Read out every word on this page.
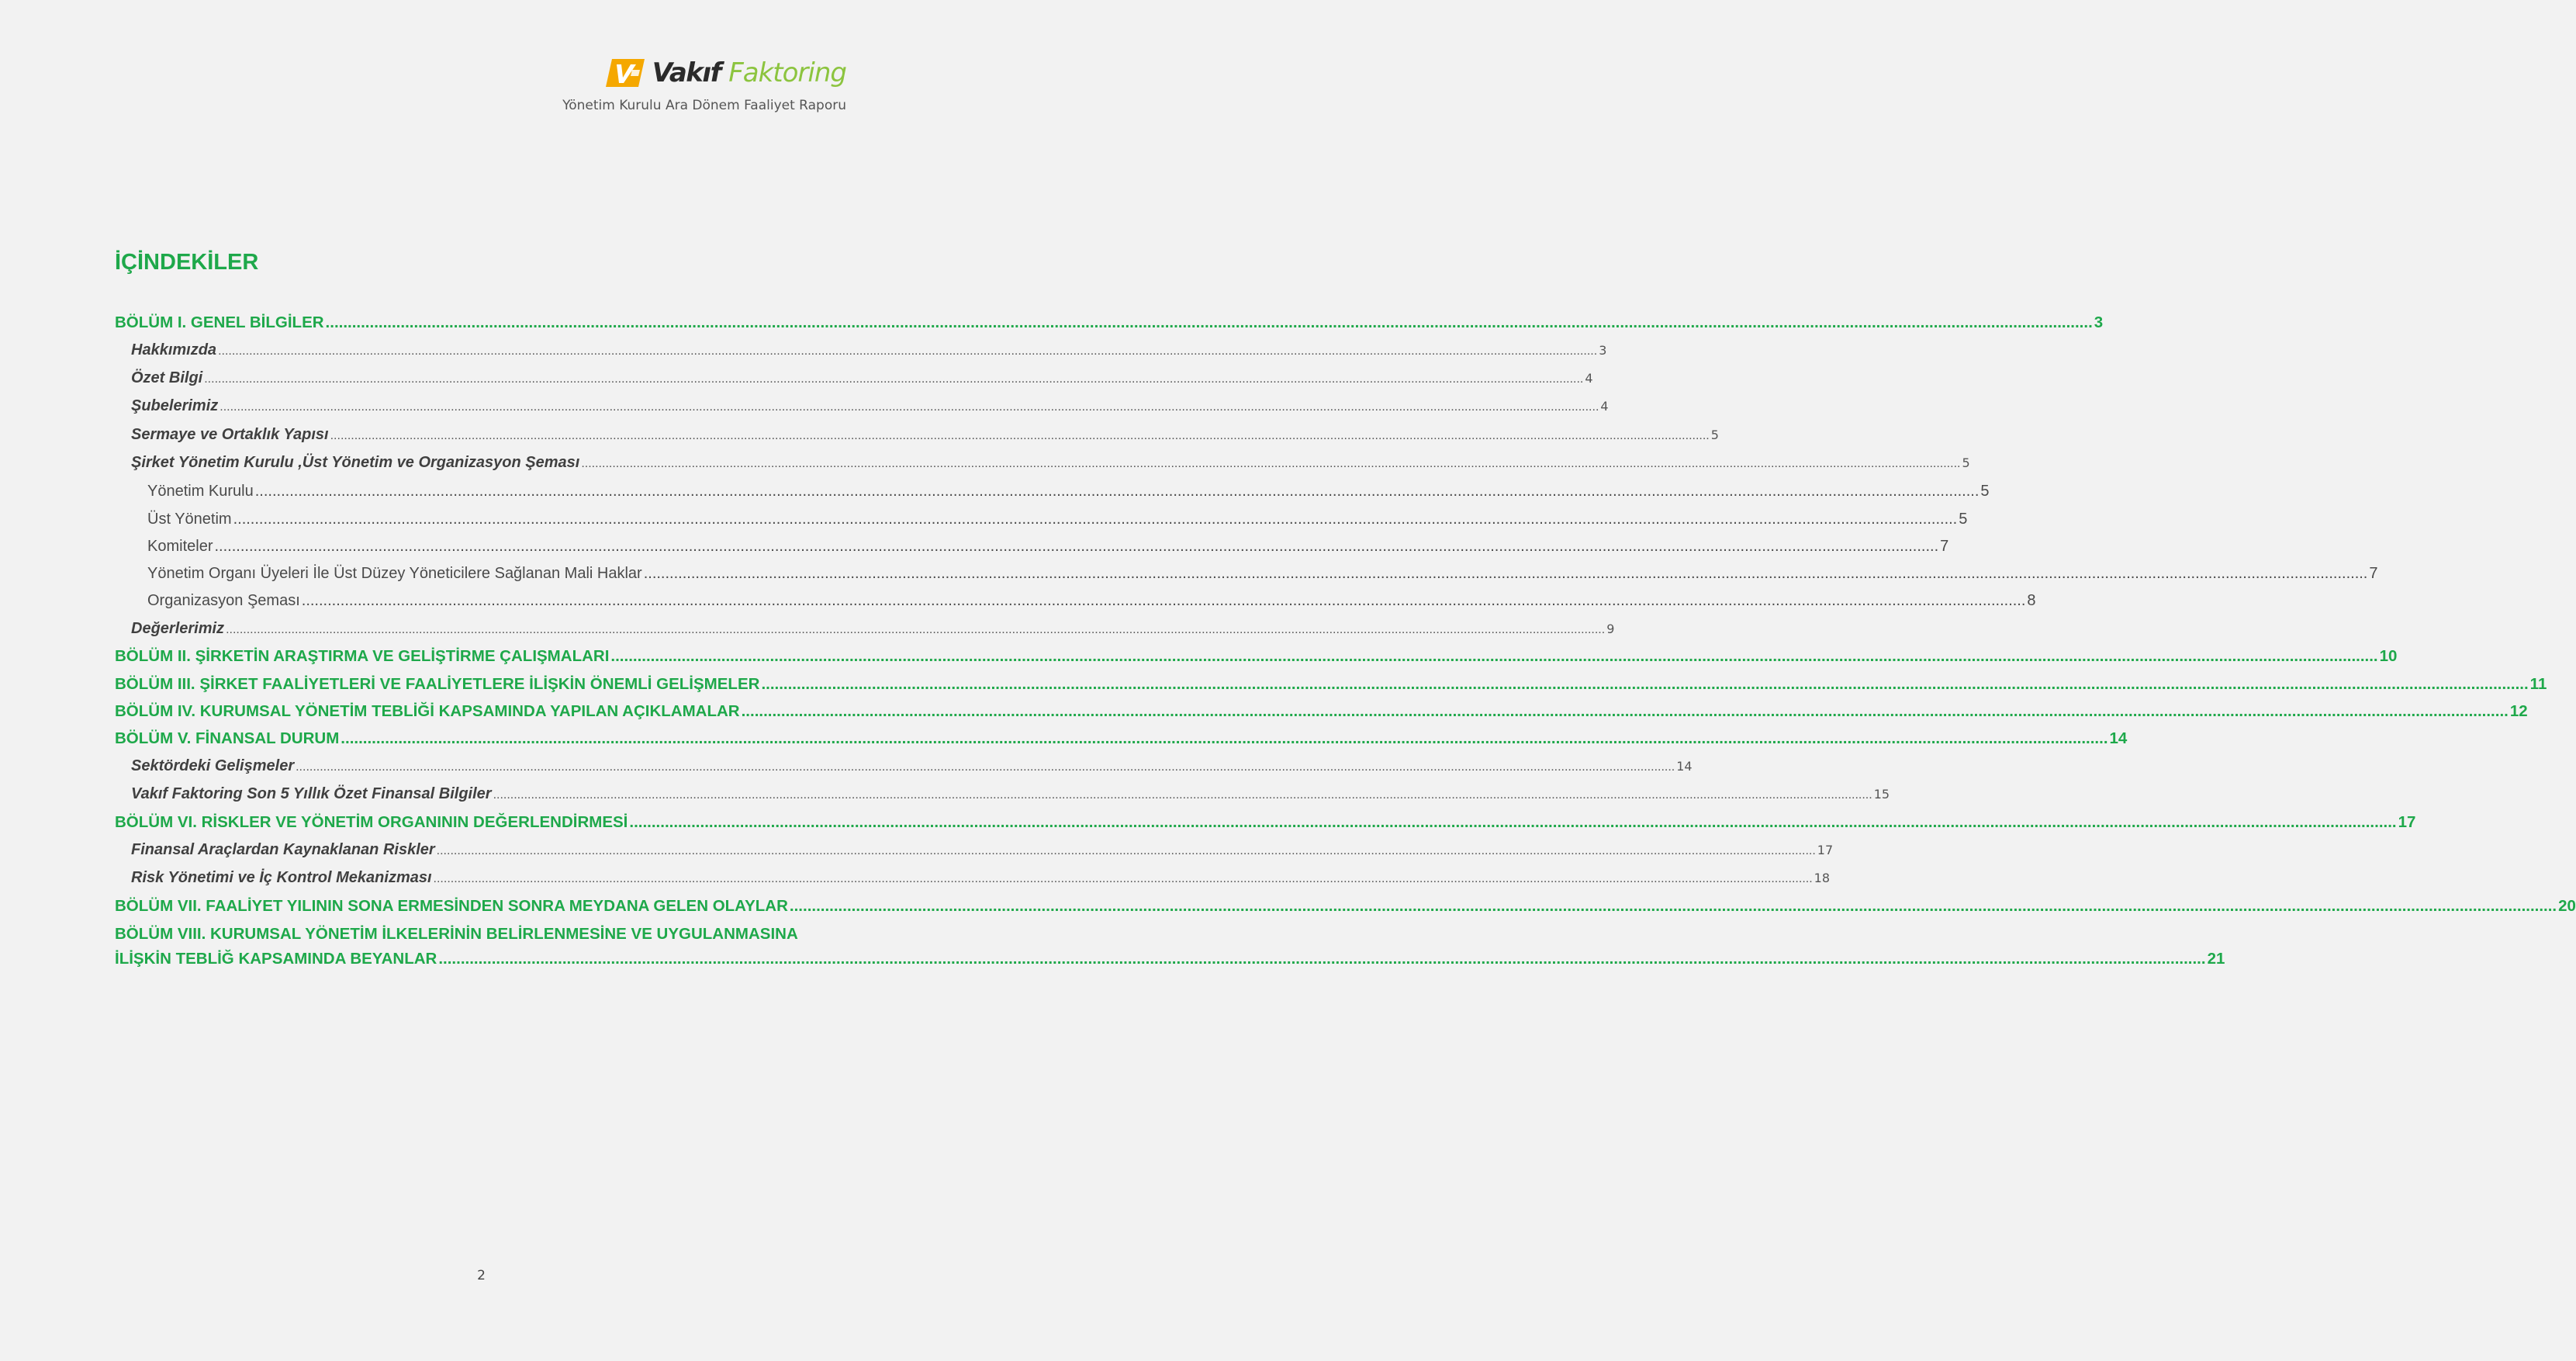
Vakıf Faktoring
Yönetim Kurulu Ara Dönem Faaliyet Raporu
İÇİNDEKİLER
BÖLÜM I. GENEL BİLGİLER ................................................................................................................................................................................................................................................................................................................................................................................................................ 3
Hakkımızda ................................................................................................................................................................................................................................................................................................................................................................................................................ 3
Özet Bilgi ................................................................................................................................................................................................................................................................................................................................................................................................................ 4
Şubelerimiz ................................................................................................................................................................................................................................................................................................................................................................................................................ 4
Sermaye ve Ortaklık Yapısı ................................................................................................................................................................................................................................................................................................................................................................................................................ 5
Şirket Yönetim Kurulu ,Üst Yönetim ve Organizasyon Şeması ................................................................................................................................................................................................................................................................................................................................................................................................................ 5
Yönetim Kurulu ................................................................................................................................................................................................................................................................................................................................................................................................................ 5
Üst Yönetim ................................................................................................................................................................................................................................................................................................................................................................................................................ 5
Komiteler ................................................................................................................................................................................................................................................................................................................................................................................................................ 7
Yönetim Organı Üyeleri İle Üst Düzey Yöneticilere Sağlanan Mali Haklar ................................................................................................................................................................................................................................................................................................................................................................................................................ 7
Organizasyon Şeması ................................................................................................................................................................................................................................................................................................................................................................................................................ 8
Değerlerimiz ................................................................................................................................................................................................................................................................................................................................................................................................................ 9
BÖLÜM II. ŞİRKETİN ARAŞTIRMA VE GELİŞTİRME ÇALIŞMALARI ................................................................................................................................................................................................................................................................................................................................................................................................................ 10
BÖLÜM III. ŞİRKET FAALİYETLERİ VE FAALİYETLERE İLİŞKİN ÖNEMLİ GELİŞMELER ................................................................................................................................................................................................................................................................................................................................................................................................................ 11
BÖLÜM IV. KURUMSAL YÖNETİM TEBLİĞİ KAPSAMINDA YAPILAN AÇIKLAMALAR ................................................................................................................................................................................................................................................................................................................................................................................................................ 12
BÖLÜM V. FİNANSAL DURUM ................................................................................................................................................................................................................................................................................................................................................................................................................ 14
Sektördeki Gelişmeler ................................................................................................................................................................................................................................................................................................................................................................................................................ 14
Vakıf Faktoring Son 5 Yıllık Özet Finansal Bilgiler ................................................................................................................................................................................................................................................................................................................................................................................................................ 15
BÖLÜM VI. RİSKLER VE YÖNETİM ORGANININ DEĞERLENDİRMESİ ................................................................................................................................................................................................................................................................................................................................................................................................................ 17
Finansal Araçlardan Kaynaklanan Riskler ................................................................................................................................................................................................................................................................................................................................................................................................................ 17
Risk Yönetimi ve İç Kontrol Mekanizması ................................................................................................................................................................................................................................................................................................................................................................................................................ 18
BÖLÜM VII. FAALİYET YILININ SONA ERMESİNDEN SONRA MEYDANA GELEN OLAYLAR ................................................................................................................................................................................................................................................................................................................................................................................................................ 20
BÖLÜM VIII. KURUMSAL YÖNETİM İLKELERİNİN BELİRLENMESİNE VE UYGULANMASINA
İLİŞKİN TEBLİĞ KAPSAMINDA BEYANLAR ................................................................................................................................................................................................................................................................................................................................................................................................................ 21
2
